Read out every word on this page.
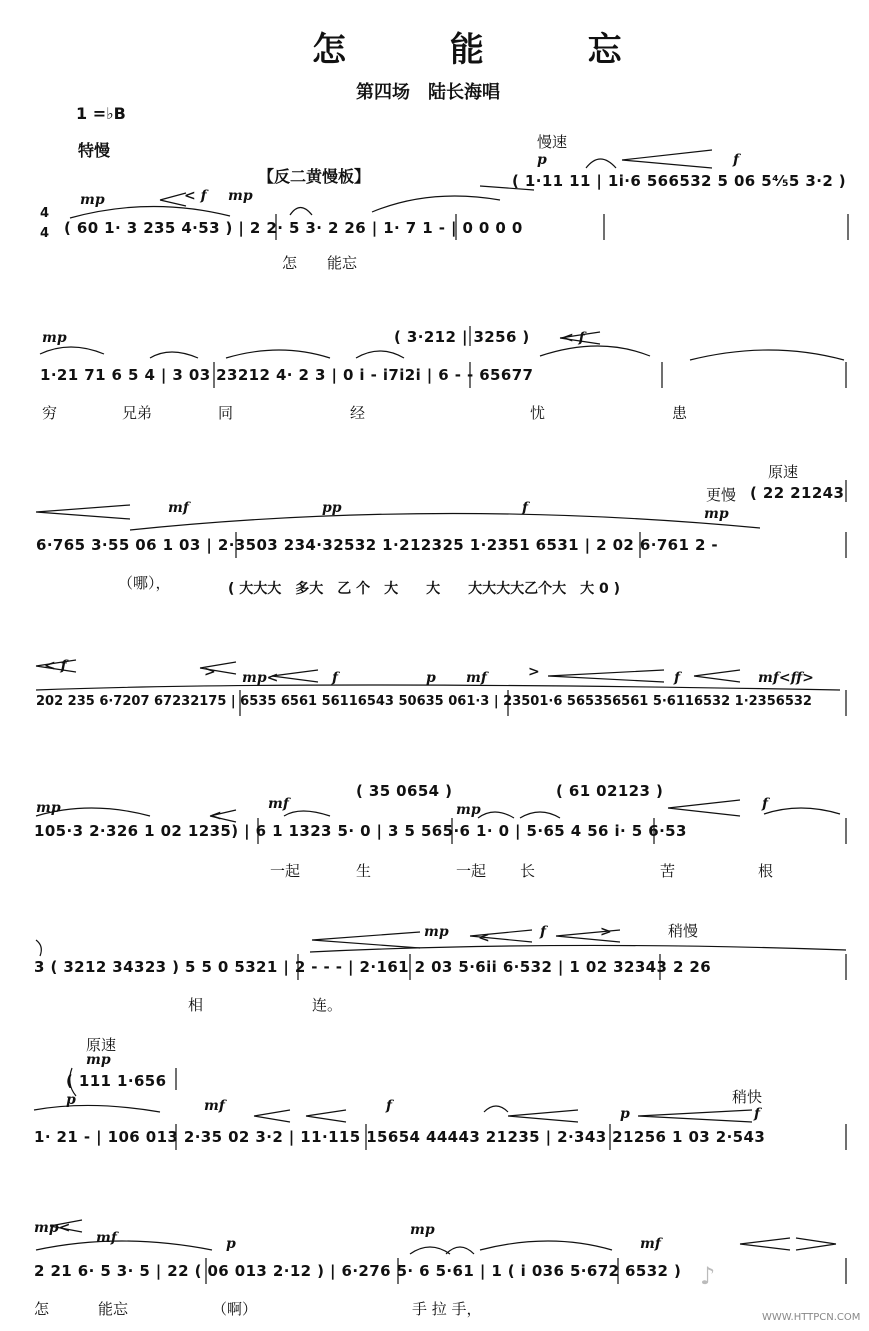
怎 能 忘
第四场　陆长海唱
1 =♭B
特慢
【反二黄慢板】
慢速
p	f
( 1·11 11 | 1i·6 566532 5 06 5⁴⁄₅5 3·2 )
mp	< f mp
4
4 ( 60 1· 3 235 4·53 ) | 2 2· 5 3· 2 26 | 1· 7 1 - | 0 0 0 0
怎　　能忘
( 3·212 | 3256 )
mp	< f
1·21 71 6 5 4 | 3 03 23212 4· 2 3 | 0 i - i7i2i | 6 - - 65677
穷	兄弟	同	经	忧	患
原速
更慢 ( 22 21243
mf	pp	f	mp
6·765 3·55 06 1 03 | 2·3503 234·32532 1·212325 1·2351 6531 | 2 02 6·761 2 -
（哪），	( 大大大　多大　乙 个　大　　大　　大大大大乙个大　大 0 )
< f	> mp<	f	p mf	>	f	mf<ff>
202 235 6·7207 67232175 | 6535 6561 56116543 50635 061·3 | 23501·6 565356561 5·6116532 1·2356532
( 35 0654 )	( 61 02123 )
mp	<
mf	mp	f
105·3 2·326 1 02 1235) | 6 1 1323 5· 0 | 3 5 565·6 1· 0 | 5·65 4 56 i· 5 6·53
一起	生	一起 长	苦	根
稍慢
mp <	f	>
3 ( 3212 34323 ) 5 5 0 5321 | 2 - - - | 2·161 2 03 5·6ii 6·532 | 1 02 32343 2 26
相	连。
原速
mp
( 111 1·656
p	稍快
mf	f	p	f
1· 21 - | 106 013 2·35 02 3·2 | 11·115 15654 44443 21235 | 2·343 21256 1 03 2·543
mp<
mf	p
mp
mf
2 21 6· 5 3· 5 | 22 ( 06 013 2·12 ) | 6·276 5· 6 5·61 | 1 ( i 036 5·672 6532 )
怎	能忘	（啊）	手 拉 手，
♪
WWW.HTTPCN.COM
